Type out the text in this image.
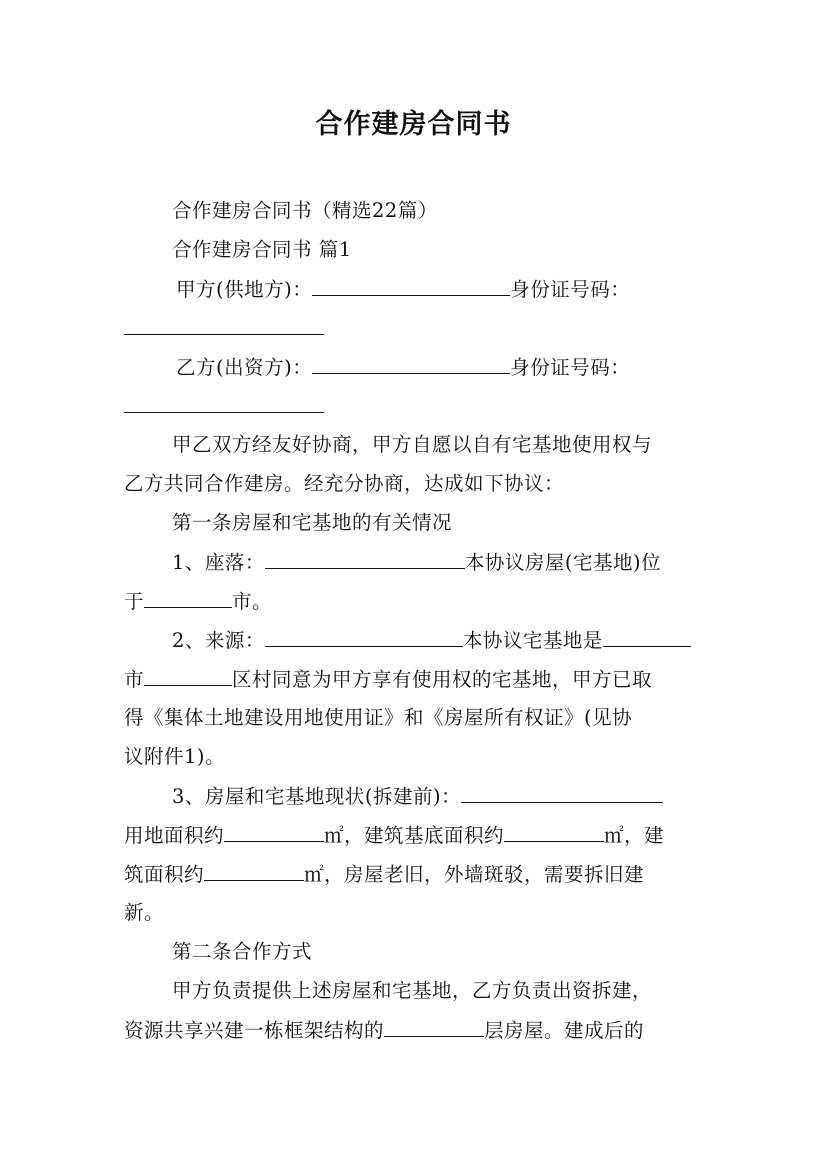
合作建房合同书
合作建房合同书（精选22篇）
合作建房合同书 篇1
甲方(供地方)：	身份证号码：
乙方(出资方)：	身份证号码：
甲乙双方经友好协商，甲方自愿以自有宅基地使用权与
乙方共同合作建房。经充分协商，达成如下协议：
第一条房屋和宅基地的有关情况
1、座落：	本协议房屋(宅基地)位
于	市。
2、来源：	本协议宅基地是
市	区村同意为甲方享有使用权的宅基地，甲方已取
得《集体土地建设用地使用证》和《房屋所有权证》(见协
议附件1)。
3、房屋和宅基地现状(拆建前)：
用地面积约	㎡，建筑基底面积约	㎡，建
筑面积约	㎡，房屋老旧，外墙斑驳，需要拆旧建
新。
第二条合作方式
甲方负责提供上述房屋和宅基地，乙方负责出资拆建，
资源共享兴建一栋框架结构的	层房屋。建成后的
